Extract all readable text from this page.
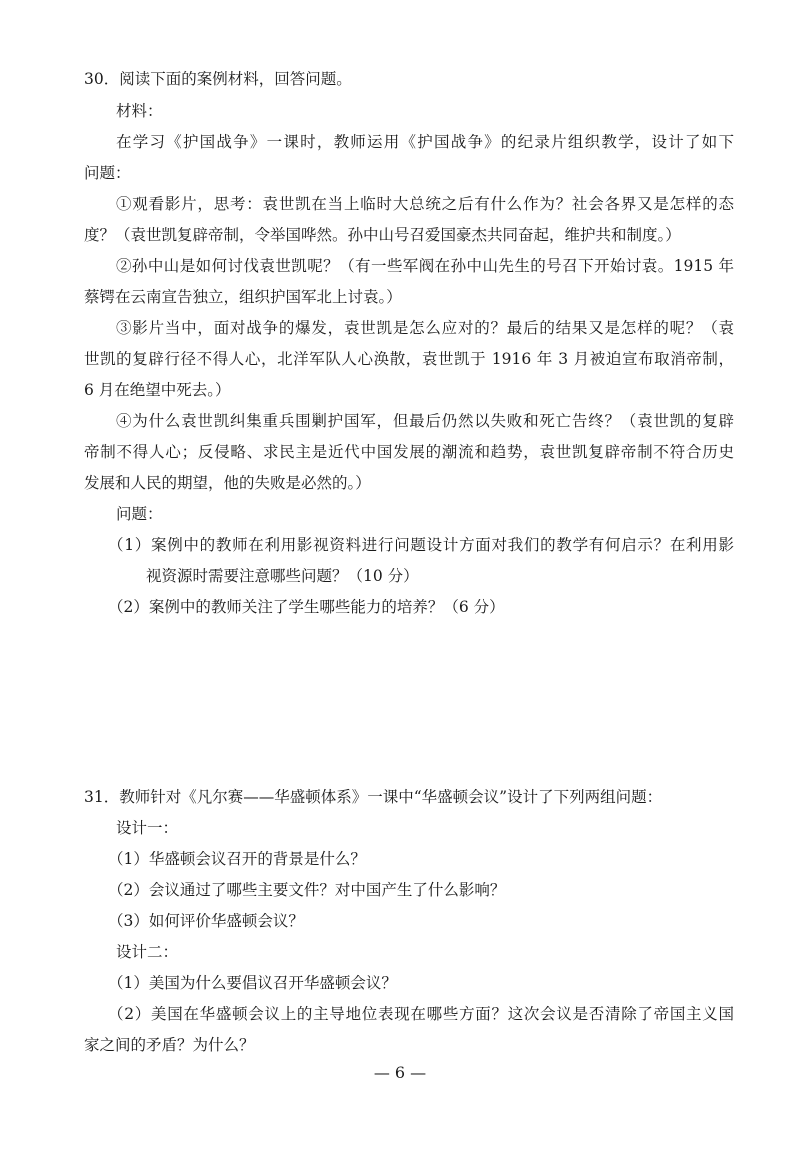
30．阅读下面的案例材料，回答问题。
材料：
在学习《护国战争》一课时，教师运用《护国战争》的纪录片组织教学，设计了如下
问题：
①观看影片，思考：袁世凯在当上临时大总统之后有什么作为？社会各界又是怎样的态
度？（袁世凯复辟帝制，令举国哗然。孙中山号召爱国豪杰共同奋起，维护共和制度。）
②孙中山是如何讨伐袁世凯呢？（有一些军阀在孙中山先生的号召下开始讨袁。1915 年
蔡锷在云南宣告独立，组织护国军北上讨袁。）
③影片当中，面对战争的爆发，袁世凯是怎么应对的？最后的结果又是怎样的呢？（袁
世凯的复辟行径不得人心，北洋军队人心涣散，袁世凯于 1916 年 3 月被迫宣布取消帝制，
6 月在绝望中死去。）
④为什么袁世凯纠集重兵围剿护国军，但最后仍然以失败和死亡告终？（袁世凯的复辟
帝制不得人心；反侵略、求民主是近代中国发展的潮流和趋势，袁世凯复辟帝制不符合历史
发展和人民的期望，他的失败是必然的。）
问题：
（1）案例中的教师在利用影视资料进行问题设计方面对我们的教学有何启示？在利用影
视资源时需要注意哪些问题？（10 分）
（2）案例中的教师关注了学生哪些能力的培养？（6 分）
31．教师针对《凡尔赛——华盛顿体系》一课中“华盛顿会议”设计了下列两组问题：
设计一：
（1）华盛顿会议召开的背景是什么？
（2）会议通过了哪些主要文件？对中国产生了什么影响？
（3）如何评价华盛顿会议？
设计二：
（1）美国为什么要倡议召开华盛顿会议？
（2）美国在华盛顿会议上的主导地位表现在哪些方面？这次会议是否清除了帝国主义国
家之间的矛盾？为什么？
— 6 —
